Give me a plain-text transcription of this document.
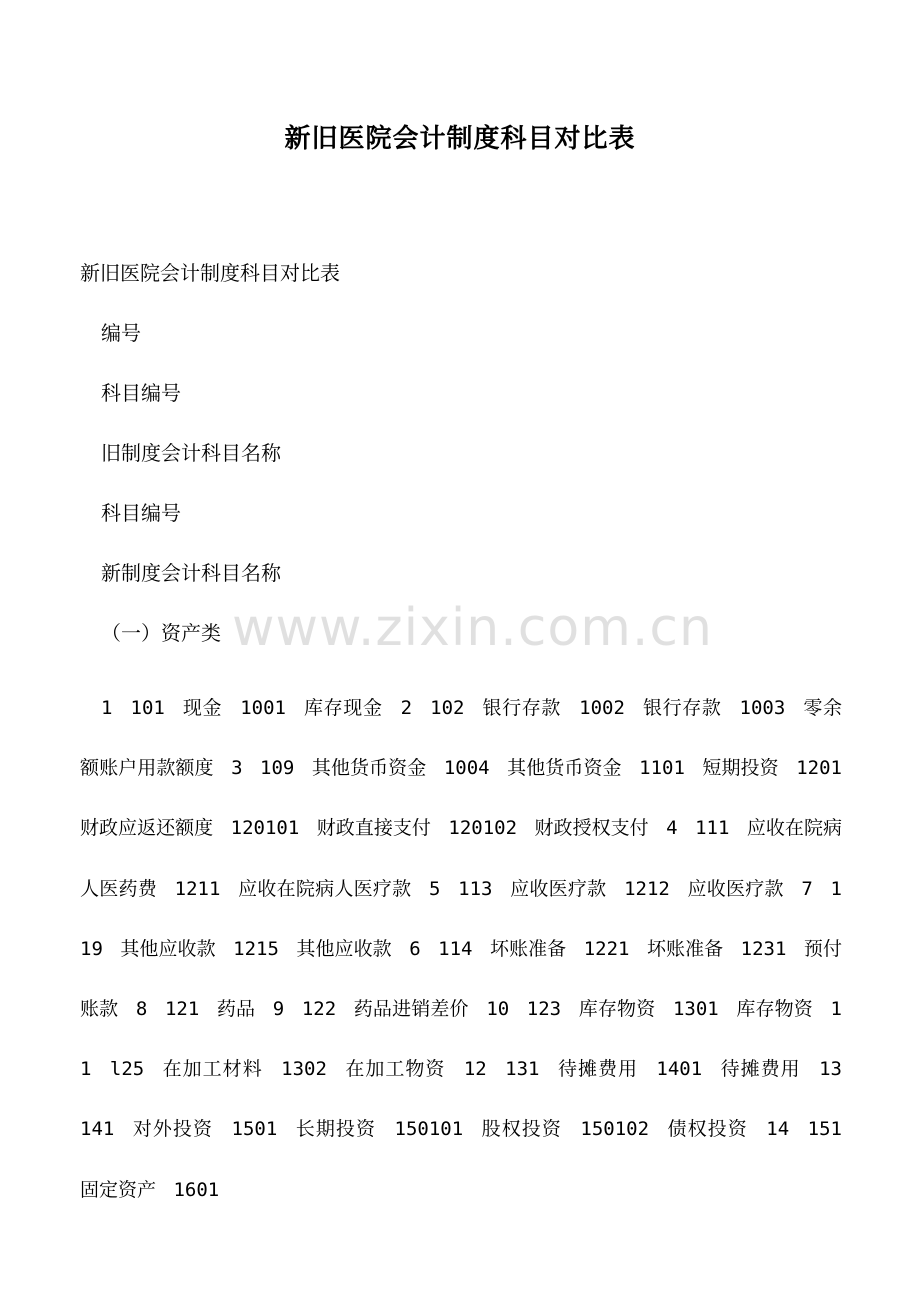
新旧医院会计制度科目对比表

新旧医院会计制度科目对比表

编号

科目编号

旧制度会计科目名称

科目编号

新制度会计科目名称

（一）资产类

1 101 现金 1001 库存现金 2 102 银行存款 1002 银行存款 1003 零余额账户用款额度 3 109 其他货币资金 1004 其他货币资金 1101 短期投资 1201 财政应返还额度 120101 财政直接支付 120102 财政授权支付 4 111 应收在院病人医药费 1211 应收在院病人医疗款 5 113 应收医疗款 1212 应收医疗款 7 119 其他应收款 1215 其他应收款 6 114 坏账准备 1221 坏账准备 1231 预付账款 8 121 药品 9 122 药品进销差价 10 123 库存物资 1301 库存物资 11 l25 在加工材料 1302 在加工物资 12 131 待摊费用 1401 待摊费用 13 141 对外投资 1501 长期投资 150101 股权投资 150102 债权投资 14 151 固定资产 1601

www.zixin.com.cn
